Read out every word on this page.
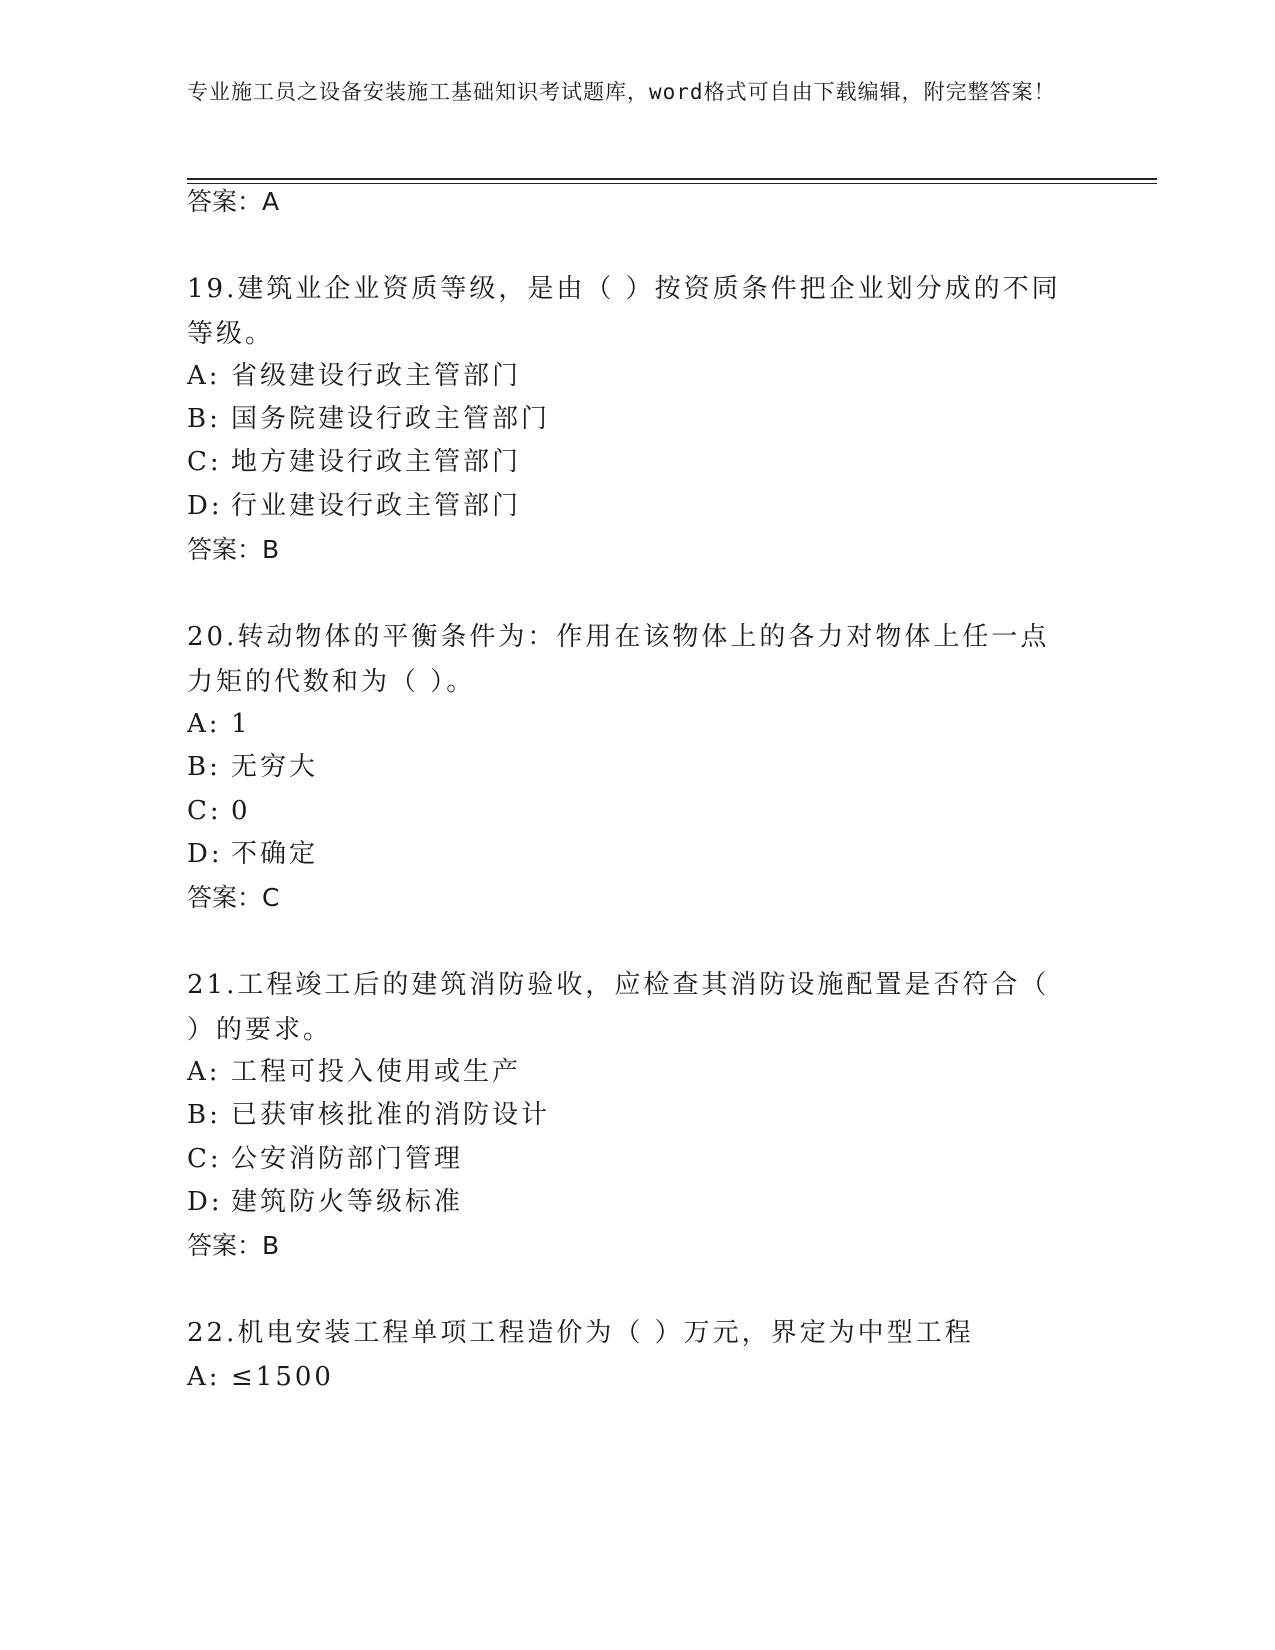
专业施工员之设备安装施工基础知识考试题库，word格式可自由下载编辑，附完整答案！
答案：A
19.建筑业企业资质等级，是由（ ）按资质条件把企业划分成的不同等级。
A: 省级建设行政主管部门
B: 国务院建设行政主管部门
C: 地方建设行政主管部门
D: 行业建设行政主管部门
答案：B
20.转动物体的平衡条件为：作用在该物体上的各力对物体上任一点力矩的代数和为（ ）。
A: 1
B: 无穷大
C: 0
D: 不确定
答案：C
21.工程竣工后的建筑消防验收，应检查其消防设施配置是否符合（ ）的要求。
A: 工程可投入使用或生产
B: 已获审核批准的消防设计
C: 公安消防部门管理
D: 建筑防火等级标准
答案：B
22.机电安装工程单项工程造价为（ ）万元，界定为中型工程
A: ≤1500
